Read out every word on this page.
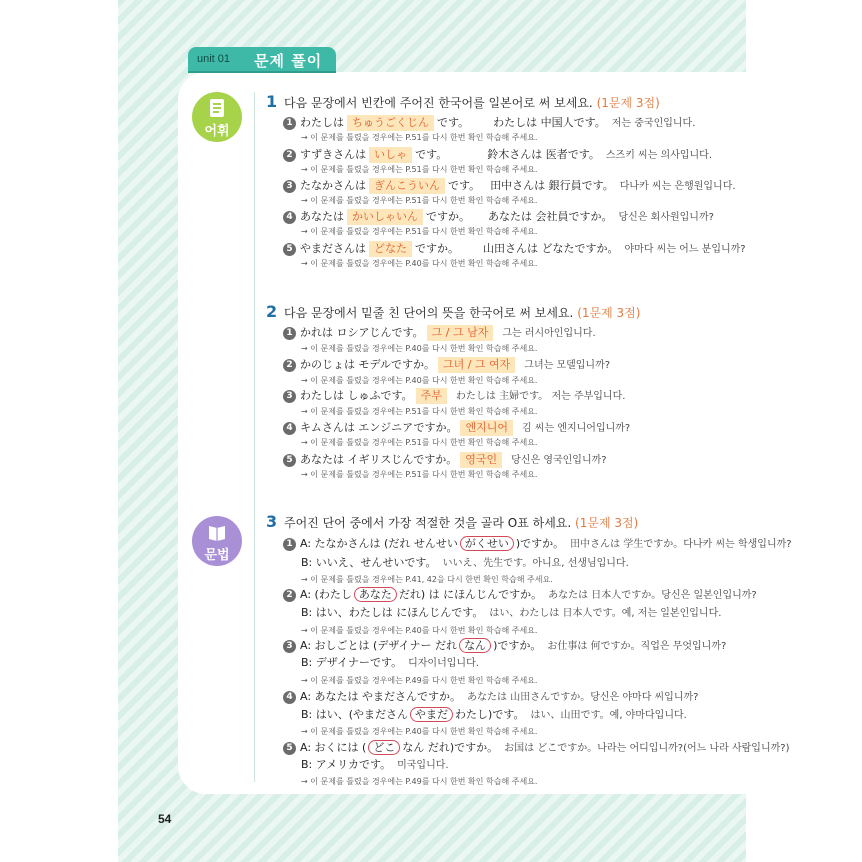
unit 01 문제 풀이
어휘
문법
1 다음 문장에서 빈칸에 주어진 한국어를 일본어로 써 보세요. (1문제 3점)
1 わたしは ちゅうごくじん です。 わたしは 中国人です。 저는 중국인입니다.
→ 이 문제를 틀렸을 경우에는 P.51를 다시 한번 확인 학습해 주세요.
2 すずきさんは いしゃ です。	鈴木さんは 医者です。 스즈키 씨는 의사입니다.
→ 이 문제를 틀렸을 경우에는 P.51를 다시 한번 확인 학습해 주세요.
3 たなかさんは ぎんこういん です。 田中さんは 銀行員です。 다나카 씨는 은행원입니다.
→ 이 문제를 틀렸을 경우에는 P.51를 다시 한번 확인 학습해 주세요.
4 あなたは かいしゃいん ですか。 あなたは 会社員ですか。 당신은 회사원입니까?
→ 이 문제를 틀렸을 경우에는 P.51를 다시 한번 확인 학습해 주세요.
5 やまださんは どなた ですか。 山田さんは どなたですか。 야마다 씨는 어느 분입니까?
→ 이 문제를 틀렸을 경우에는 P.40를 다시 한번 확인 학습해 주세요.
2 다음 문장에서 밑줄 친 단어의 뜻을 한국어로 써 보세요. (1문제 3점)
1 かれは ロシアじんです。 그 / 그 남자 그는 러시아인입니다.
→ 이 문제를 틀렸을 경우에는 P.40를 다시 한번 확인 학습해 주세요.
2 かのじょは モデルですか。 그녀 / 그 여자 그녀는 모델입니까?
→ 이 문제를 틀렸을 경우에는 P.40를 다시 한번 확인 학습해 주세요.
3 わたしは しゅふです。 주부 わたしは 主婦です。 저는 주부입니다.
→ 이 문제를 틀렸을 경우에는 P.51를 다시 한번 확인 학습해 주세요.
4 キムさんは エンジニアですか。 엔지니어 김 씨는 엔지니어입니까?
→ 이 문제를 틀렸을 경우에는 P.51를 다시 한번 확인 학습해 주세요.
5 あなたは イギリスじんですか。 영국인 당신은 영국인입니까?
→ 이 문제를 틀렸을 경우에는 P.51를 다시 한번 확인 학습해 주세요.
3 주어진 단어 중에서 가장 적절한 것을 골라 O표 하세요. (1문제 3점)
1 A: たなかさんは (だれ せんせい がくせい )ですか。 田中さんは 学生ですか。다나카 씨는 학생입니까?
B: いいえ、せんせいです。 いいえ、先生です。아니요, 선생님입니다.
→ 이 문제를 틀렸을 경우에는 P.41, 42을 다시 한번 확인 학습해 주세요.
2 A: (わたし あなた だれ) は にほんじんですか。 あなたは 日本人ですか。당신은 일본인입니까?
B: はい、わたしは にほんじんです。 はい、わたしは 日本人です。예, 저는 일본인입니다.
→ 이 문제를 틀렸을 경우에는 P.40를 다시 한번 확인 학습해 주세요.
3 A: おしごとは (デザイナー だれ なん )ですか。 お仕事は 何ですか。직업은 무엇입니까?
B: デザイナーです。 디자이너입니다.
→ 이 문제를 틀렸을 경우에는 P.49를 다시 한번 확인 학습해 주세요.
4 A: あなたは やまださんですか。 あなたは 山田さんですか。당신은 야마다 씨입니까?
B: はい、(やまださん やまだ わたし)です。 はい、山田です。예, 야마다입니다.
→ 이 문제를 틀렸을 경우에는 P.40를 다시 한번 확인 학습해 주세요.
5 A: おくには ( どこ なん だれ)ですか。 お国は どこですか。나라는 어디입니까?(어느 나라 사람입니까?)
B: アメリカです。 미국입니다.
→ 이 문제를 틀렸을 경우에는 P.49를 다시 한번 확인 학습해 주세요.
54
